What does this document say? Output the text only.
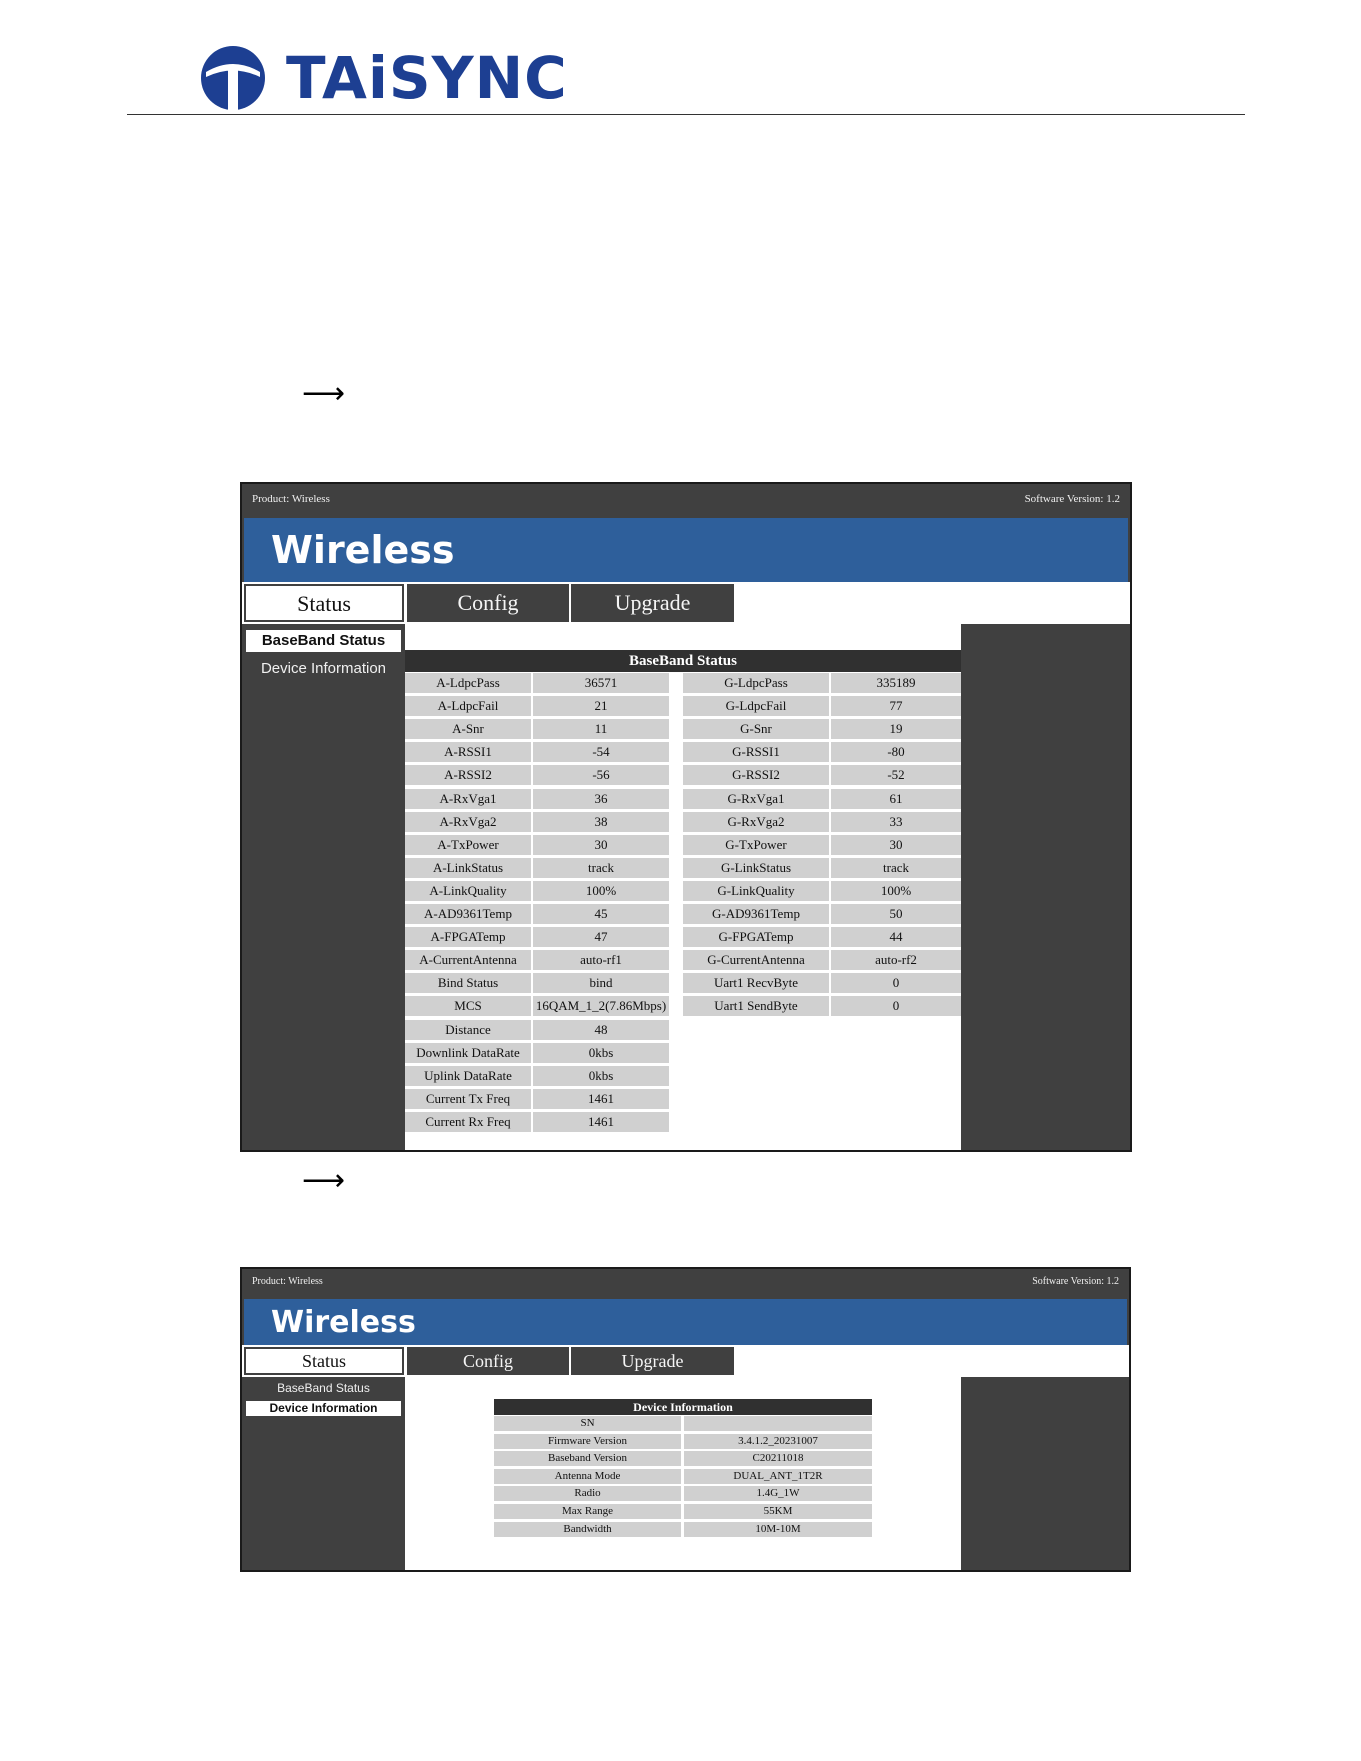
TAiSYNC
⟶
⟶
Product: Wireless	Software Version: 1.2
Wireless
Status	Config	Upgrade
BaseBand Status
Device Information	BaseBand Status
A-LdpcPass	36571	G-LdpcPass	335189
A-LdpcFail	21	G-LdpcFail	77
A-Snr	11	G-Snr	19
A-RSSI1	-54	G-RSSI1	-80
A-RSSI2	-56	G-RSSI2	-52
A-RxVga1	36	G-RxVga1	61
A-RxVga2	38	G-RxVga2	33
A-TxPower	30	G-TxPower	30
A-LinkStatus	track	G-LinkStatus	track
A-LinkQuality	100%	G-LinkQuality	100%
A-AD9361Temp	45	G-AD9361Temp	50
A-FPGATemp	47	G-FPGATemp	44
A-CurrentAntenna	auto-rf1	G-CurrentAntenna	auto-rf2
Bind Status	bind	Uart1 RecvByte	0
MCS	16QAM_1_2(7.86Mbps)	Uart1 SendByte	0
Distance	48
Downlink DataRate	0kbs
Uplink DataRate	0kbs
Current Tx Freq	1461
Current Rx Freq	1461
Product: Wireless	Software Version: 1.2
Wireless
Status	Config	Upgrade
BaseBand Status
Device Information	Device Information
SN
Firmware Version	3.4.1.2_20231007
Baseband Version	C20211018
Antenna Mode	DUAL_ANT_1T2R
Radio	1.4G_1W
Max Range	55KM
Bandwidth	10M-10M
